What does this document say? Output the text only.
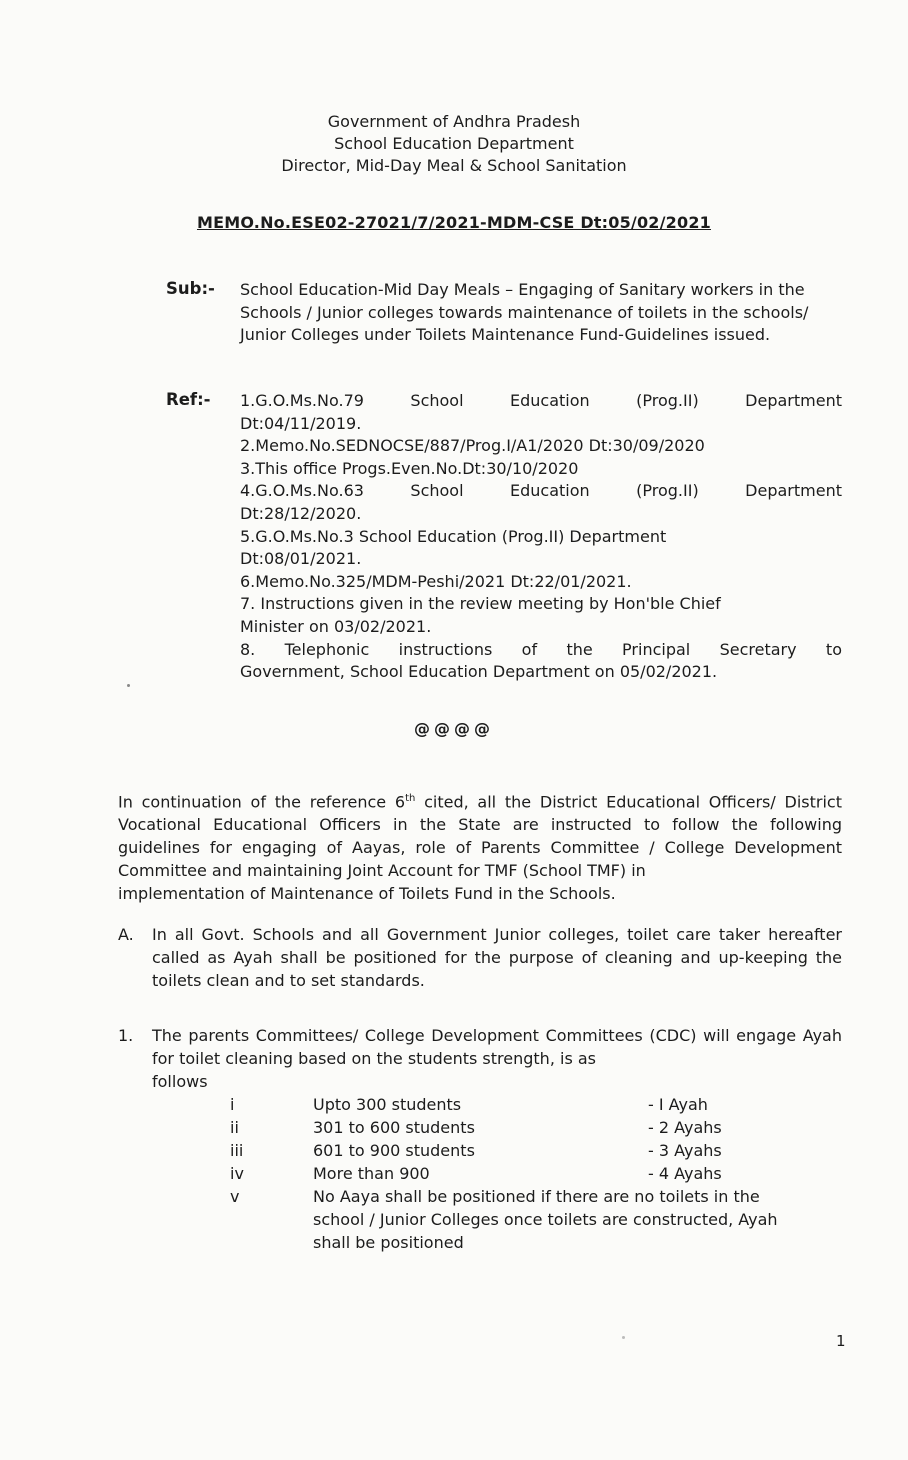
Government of Andhra Pradesh
School Education Department
Director, Mid-Day Meal & School Sanitation
MEMO.No.ESE02-27021/7/2021-MDM-CSE Dt:05/02/2021
Sub:- School Education-Mid Day Meals – Engaging of Sanitary workers in the Schools / Junior colleges towards maintenance of toilets in the schools/ Junior Colleges under Toilets Maintenance Fund-Guidelines issued.
Ref:- 1.G.O.Ms.No.79 School Education (Prog.II) Department
Dt:04/11/2019.
2.Memo.No.SEDNOCSE/887/Prog.I/A1/2020 Dt:30/09/2020
3.This office Progs.Even.No.Dt:30/10/2020
4.G.O.Ms.No.63 School Education (Prog.II) Department
Dt:28/12/2020.
5.G.O.Ms.No.3 School Education (Prog.II) Department
Dt:08/01/2021.
6.Memo.No.325/MDM-Peshi/2021 Dt:22/01/2021.
7. Instructions given in the review meeting by Hon'ble Chief
Minister on 03/02/2021.
8. Telephonic instructions of the Principal Secretary to
Government, School Education Department on 05/02/2021.
@@@@
In continuation of the reference 6th cited, all the District Educational Officers/ District Vocational Educational Officers in the State are instructed to follow the following guidelines for engaging of Aayas, role of Parents Committee / College Development Committee and maintaining Joint Account for TMF (School TMF) in
implementation of Maintenance of Toilets Fund in the Schools.
A. In all Govt. Schools and all Government Junior colleges, toilet care taker hereafter called as Ayah shall be positioned for the purpose of cleaning and up-keeping the toilets clean and to set standards.
1. The parents Committees/ College Development Committees (CDC) will engage Ayah for toilet cleaning based on the students strength, is as
follows
i	Upto 300 students	- I Ayah
ii	301 to 600 students	- 2 Ayahs
iii	601 to 900 students	- 3 Ayahs
iv	More than 900	- 4 Ayahs
v	No Aaya shall be positioned if there are no toilets in the school / Junior Colleges once toilets are constructed, Ayah shall be positioned
1
